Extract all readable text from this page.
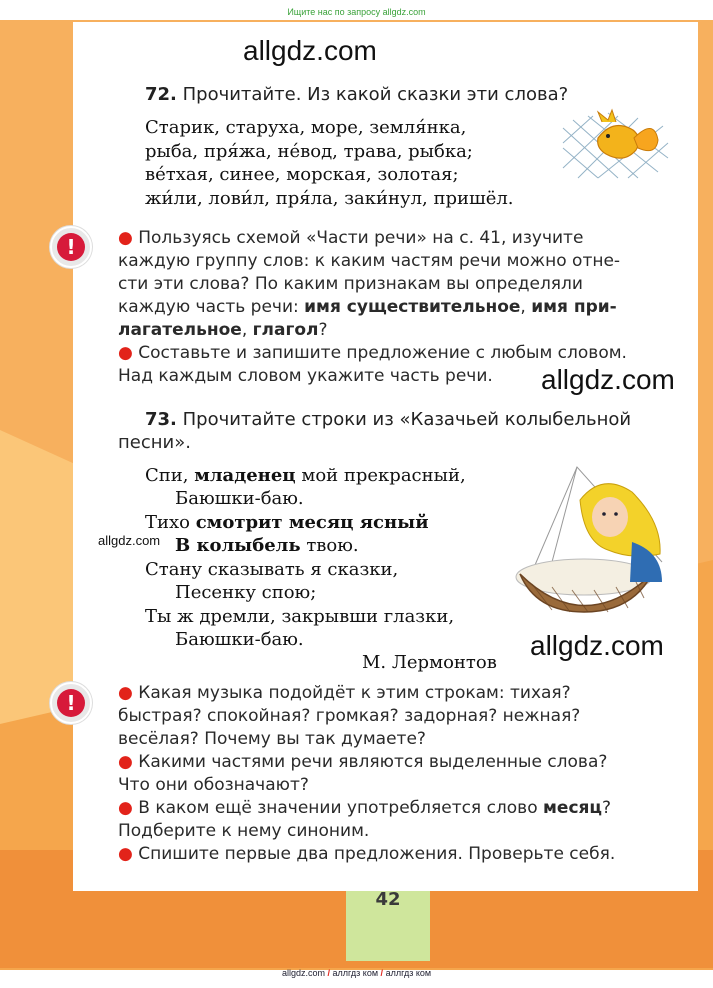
Ищите нас по запросу allgdz.com
42
allgdz.com
allgdz.com
allgdz.com
allgdz.com
72. Прочитайте. Из какой сказки эти слова?
Старик, старуха, море, земля́нка,
рыба, пря́жа, не́вод, трава, рыбка;
ве́тхая, синее, морская, золотая;
жи́ли, лови́л, пря́ла, заки́нул, пришёл.
!	● Пользуясь схемой «Части речи» на с. 41, изучите
каждую группу слов: к каким частям речи можно отне-
сти эти слова? По каким признакам вы определяли
каждую часть речи: имя существительное, имя при-
лагательное, глагол?
● Составьте и запишите предложение с любым словом.
Над каждым словом укажите часть речи.
73. Прочитайте строки из «Казачьей колыбельной
песни».
Спи, младенец мой прекрасный,
Баюшки-баю.
Тихо смотрит месяц ясный
В колыбель твою.
Стану сказывать я сказки,
Песенку спою;
Ты ж дремли, закрывши глазки,
Баюшки-баю.
М. Лермонтов
!	● Какая музыка подойдёт к этим строкам: тихая?
быстрая? спокойная? громкая? задорная? нежная?
весёлая? Почему вы так думаете?
● Какими частями речи являются выделенные слова?
Что они обозначают?
● В каком ещё значении употребляется слово месяц?
Подберите к нему синоним.
● Спишите первые два предложения. Проверьте себя.
allgdz.com / аллгдз ком / аллгдз ком
